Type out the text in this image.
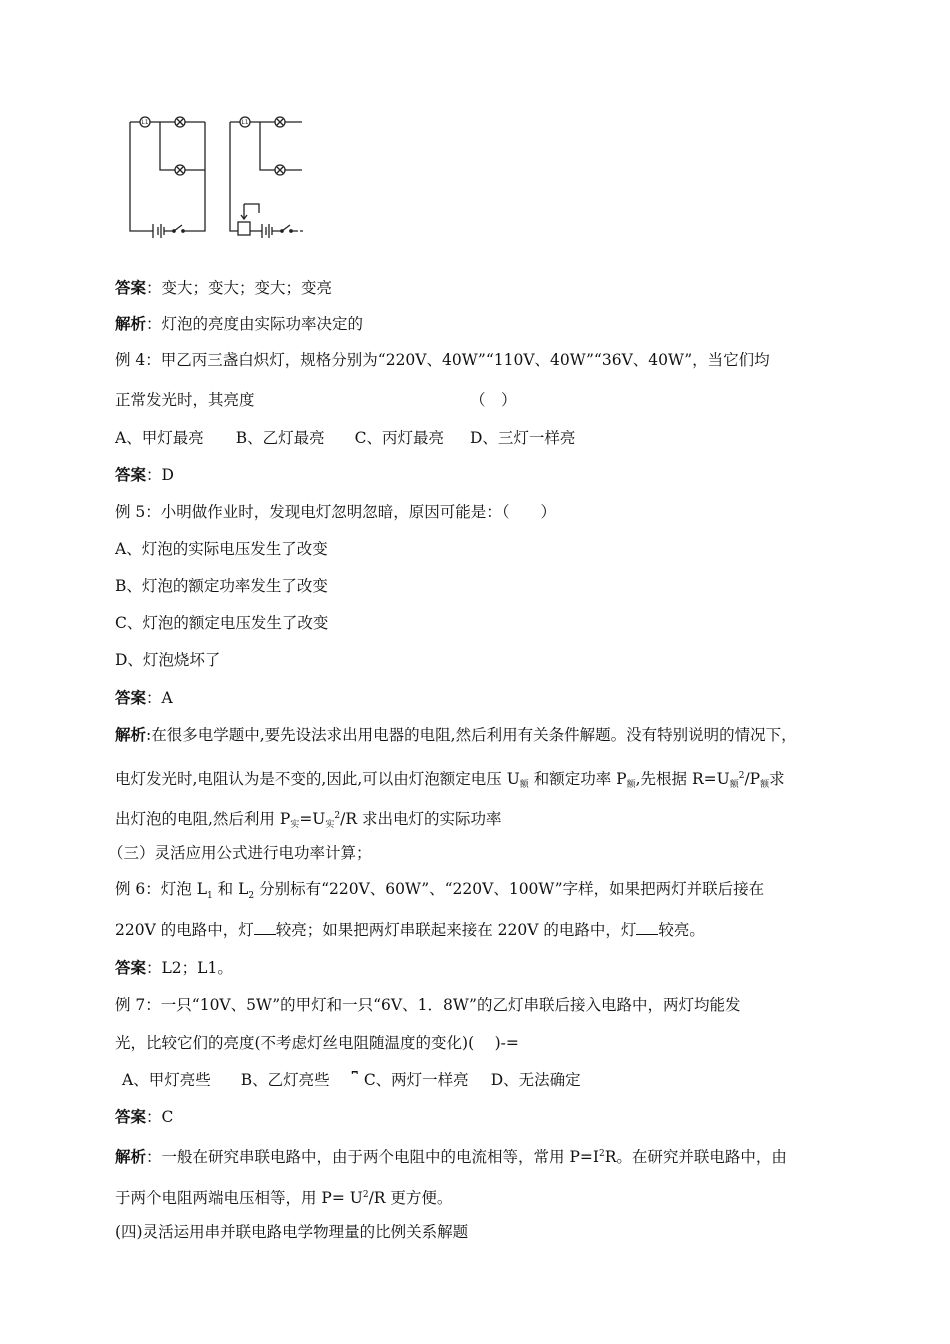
L1	L1
答案：变大；变大；变大；变亮
解析：灯泡的亮度由实际功率决定的
例 4：甲乙丙三盏白炽灯，规格分别为“220V、40W”“110V、40W”“36V、40W”，当它们均
正常发光时，其亮度	（　）
A、甲灯最亮 B、乙灯最亮 C、丙灯最亮 D、三灯一样亮
答案：D
例 5：小明做作业时，发现电灯忽明忽暗，原因可能是：（　　）
A、灯泡的实际电压发生了改变
B、灯泡的额定功率发生了改变
C、灯泡的额定电压发生了改变
D、灯泡烧坏了
答案：A
解析:在很多电学题中,要先设法求出用电器的电阻,然后利用有关条件解题。没有特别说明的情况下，
电灯发光时,电阻认为是不变的,因此,可以由灯泡额定电压 U额 和额定功率 P额,先根据 R=U额$^2$/P额求
出灯泡的电阻,然后利用 P实=U实$^2$/R 求出电灯的实际功率
（三）灵活应用公式进行电功率计算；
例 6：灯泡 $L_1$ 和 $L_2$ 分别标有“220V、60W”、“220V、100W”字样，如果把两灯并联后接在
220V 的电路中，灯 较亮；如果把两灯串联起来接在 220V 的电路中，灯 较亮。
答案：L2；L1。
例 7：一只“10V、5W”的甲灯和一只“6V、1．8W”的乙灯串联后接入电路中，两灯均能发
光，比较它们的亮度(不考虑灯丝电阻随温度的变化)(　 )-=
A、甲灯亮些 B、乙灯亮些 ⎴ C、两灯一样亮 D、无法确定
答案：C
解析：一般在研究串联电路中，由于两个电阻中的电流相等，常用 $P=I^2R$。在研究并联电路中，由
于两个电阻两端电压相等，用 $P= U^2/R$ 更方便。
(四)灵活运用串并联电路电学物理量的比例关系解题
